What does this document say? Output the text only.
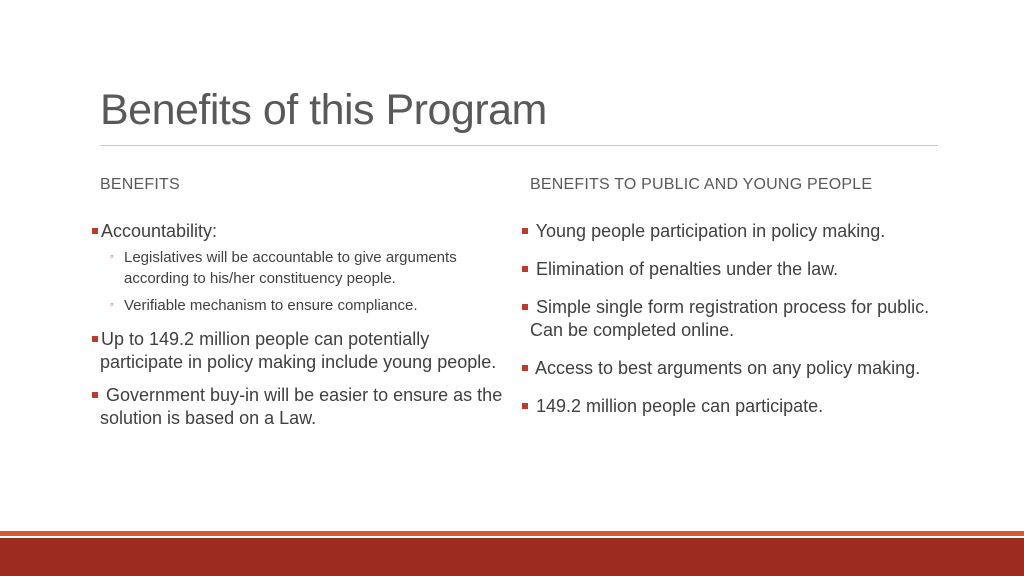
Benefits of this Program
BENEFITS	BENEFITS TO PUBLIC AND YOUNG PEOPLE
Accountability:
◦ Legislatives will be accountable to give arguments according to his/her constituency people.
◦ Verifiable mechanism to ensure compliance.
Up to 149.2 million people can potentially participate in policy making include young people.
Government buy-in will be easier to ensure as the solution is based on a Law.
Young people participation in policy making.
Elimination of penalties under the law.
Simple single form registration process for public. Can be completed online.
Access to best arguments on any policy making.
149.2 million people can participate.
